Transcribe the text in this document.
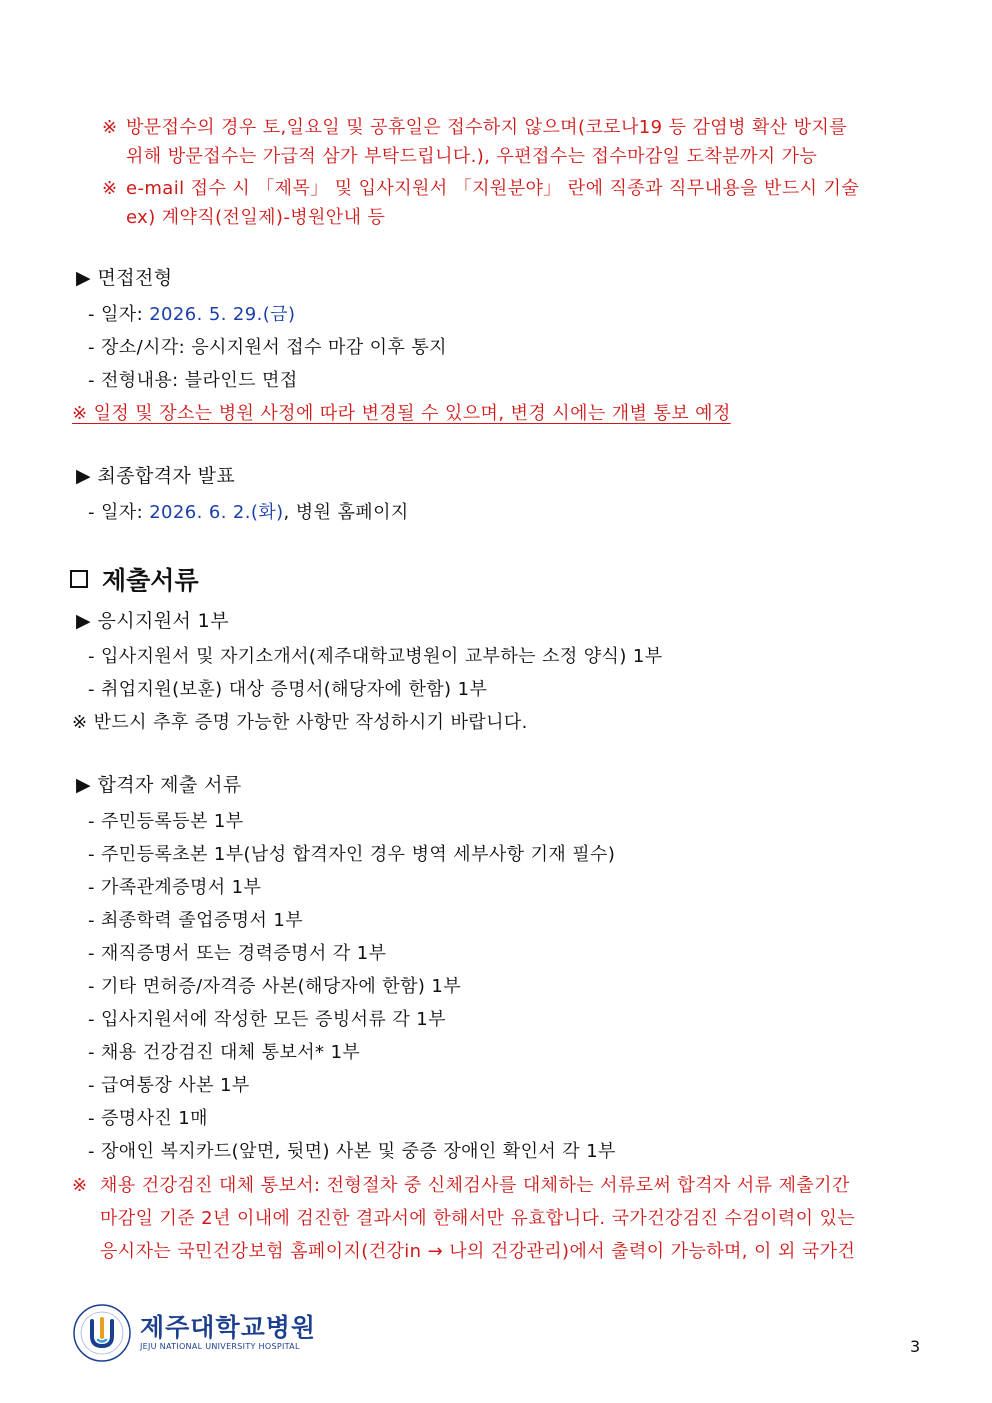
※ 방문접수의 경우 토,일요일 및 공휴일은 접수하지 않으며(코로나19 등 감염병 확산 방지를
위해 방문접수는 가급적 삼가 부탁드립니다.), 우편접수는 접수마감일 도착분까지 가능
※ e-mail 접수 시 「제목」 및 입사지원서 「지원분야」 란에 직종과 직무내용을 반드시 기술
ex) 계약직(전일제)-병원안내 등
▶ 면접전형
- 일자: 2026. 5. 29.(금)
- 장소/시각: 응시지원서 접수 마감 이후 통지
- 전형내용: 블라인드 면접
※ 일정 및 장소는 병원 사정에 따라 변경될 수 있으며, 변경 시에는 개별 통보 예정
▶ 최종합격자 발표
- 일자: 2026. 6. 2.(화), 병원 홈페이지
제출서류
▶ 응시지원서 1부
- 입사지원서 및 자기소개서(제주대학교병원이 교부하는 소정 양식) 1부
- 취업지원(보훈) 대상 증명서(해당자에 한함) 1부
※ 반드시 추후 증명 가능한 사항만 작성하시기 바랍니다.
▶ 합격자 제출 서류
- 주민등록등본 1부
- 주민등록초본 1부(남성 합격자인 경우 병역 세부사항 기재 필수)
- 가족관계증명서 1부
- 최종학력 졸업증명서 1부
- 재직증명서 또는 경력증명서 각 1부
- 기타 면허증/자격증 사본(해당자에 한함) 1부
- 입사지원서에 작성한 모든 증빙서류 각 1부
- 채용 건강검진 대체 통보서* 1부
- 급여통장 사본 1부
- 증명사진 1매
- 장애인 복지카드(앞면, 뒷면) 사본 및 중증 장애인 확인서 각 1부
※ 채용 건강검진 대체 통보서: 전형절차 중 신체검사를 대체하는 서류로써 합격자 서류 제출기간
마감일 기준 2년 이내에 검진한 결과서에 한해서만 유효합니다. 국가건강검진 수검이력이 있는
응시자는 국민건강보험 홈페이지(건강in → 나의 건강관리)에서 출력이 가능하며, 이 외 국가건
제주대학교병원
JEJU NATIONAL UNIVERSITY HOSPITAL	3
